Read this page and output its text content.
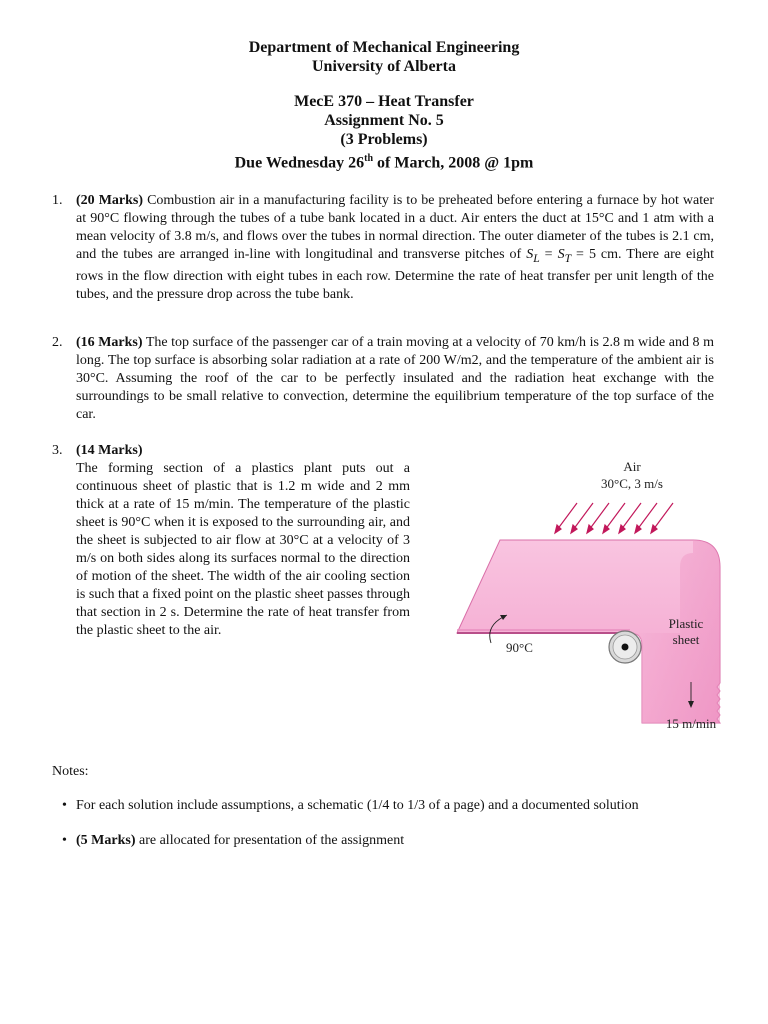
Department of Mechanical Engineering
University of Alberta
MecE 370 – Heat Transfer
Assignment No. 5
(3 Problems)
Due Wednesday 26th of March, 2008 @ 1pm
1. (20 Marks) Combustion air in a manufacturing facility is to be preheated before entering a furnace by hot water at 90°C flowing through the tubes of a tube bank located in a duct. Air enters the duct at 15°C and 1 atm with a mean velocity of 3.8 m/s, and flows over the tubes in normal direction. The outer diameter of the tubes is 2.1 cm, and the tubes are arranged in-line with longitudinal and transverse pitches of $S_L = S_T = 5$ cm. There are eight rows in the flow direction with eight tubes in each row. Determine the rate of heat transfer per unit length of the tubes, and the pressure drop across the tube bank.
2. (16 Marks) The top surface of the passenger car of a train moving at a velocity of 70 km/h is 2.8 m wide and 8 m long. The top surface is absorbing solar radiation at a rate of 200 W/m2, and the temperature of the ambient air is 30°C. Assuming the roof of the car to be perfectly insulated and the radiation heat exchange with the surroundings to be small relative to convection, determine the equilibrium temperature of the top surface of the car.
3. (14 Marks)
The forming section of a plastics plant puts out a continuous sheet of plastic that is 1.2 m wide and 2 mm thick at a rate of 15 m/min. The temperature of the plastic sheet is 90°C when it is exposed to the surrounding air, and the sheet is subjected to air flow at 30°C at a velocity of 3 m/s on both sides along its surfaces normal to the direction of motion of the sheet. The width of the air cooling section is such that a fixed point on the plastic sheet passes through that section in 2 s. Determine the rate of heat transfer from the plastic sheet to the air.
Air
30°C, 3 m/s
90°C
Plastic
sheet
15 m/min
Notes:
• For each solution include assumptions, a schematic (1/4 to 1/3 of a page) and a documented solution
• (5 Marks) are allocated for presentation of the assignment
